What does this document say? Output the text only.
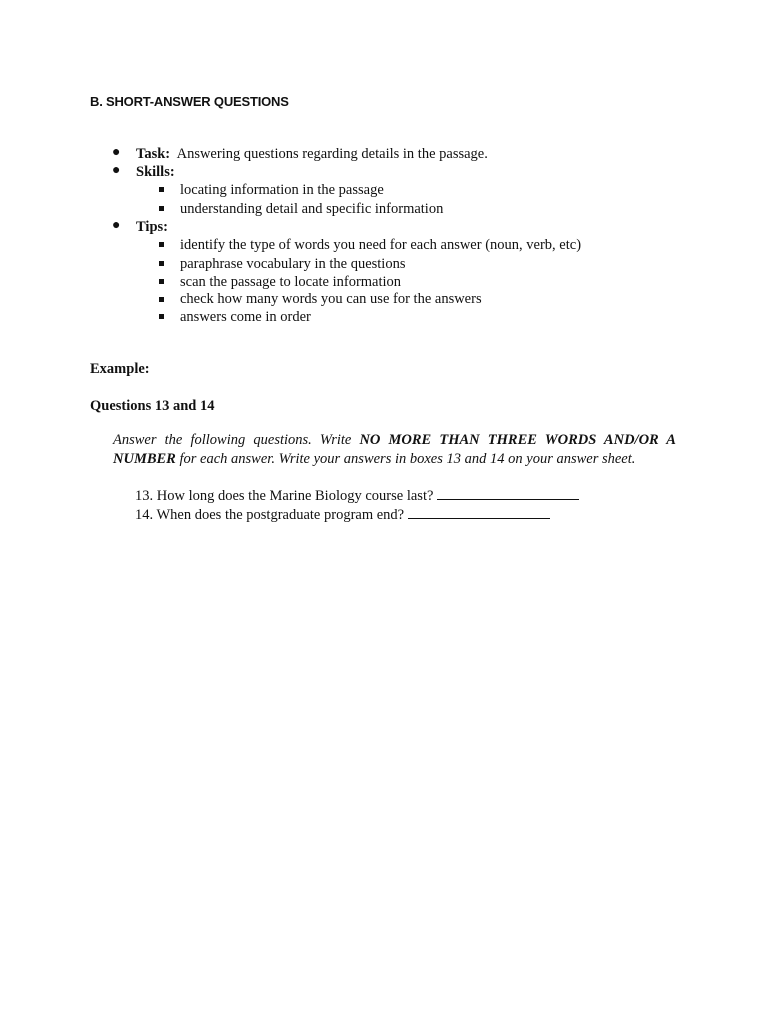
B. SHORT-ANSWER QUESTIONS
● Task: Answering questions regarding details in the passage.
● Skills:
locating information in the passage
understanding detail and specific information
● Tips:
identify the type of words you need for each answer (noun, verb, etc)
paraphrase vocabulary in the questions
scan the passage to locate information
check how many words you can use for the answers
answers come in order
Example:
Questions 13 and 14
Answer the following questions. Write NO MORE THAN THREE WORDS AND/OR A NUMBER for each answer. Write your answers in boxes 13 and 14 on your answer sheet.
13. How long does the Marine Biology course last?
14. When does the postgraduate program end?
